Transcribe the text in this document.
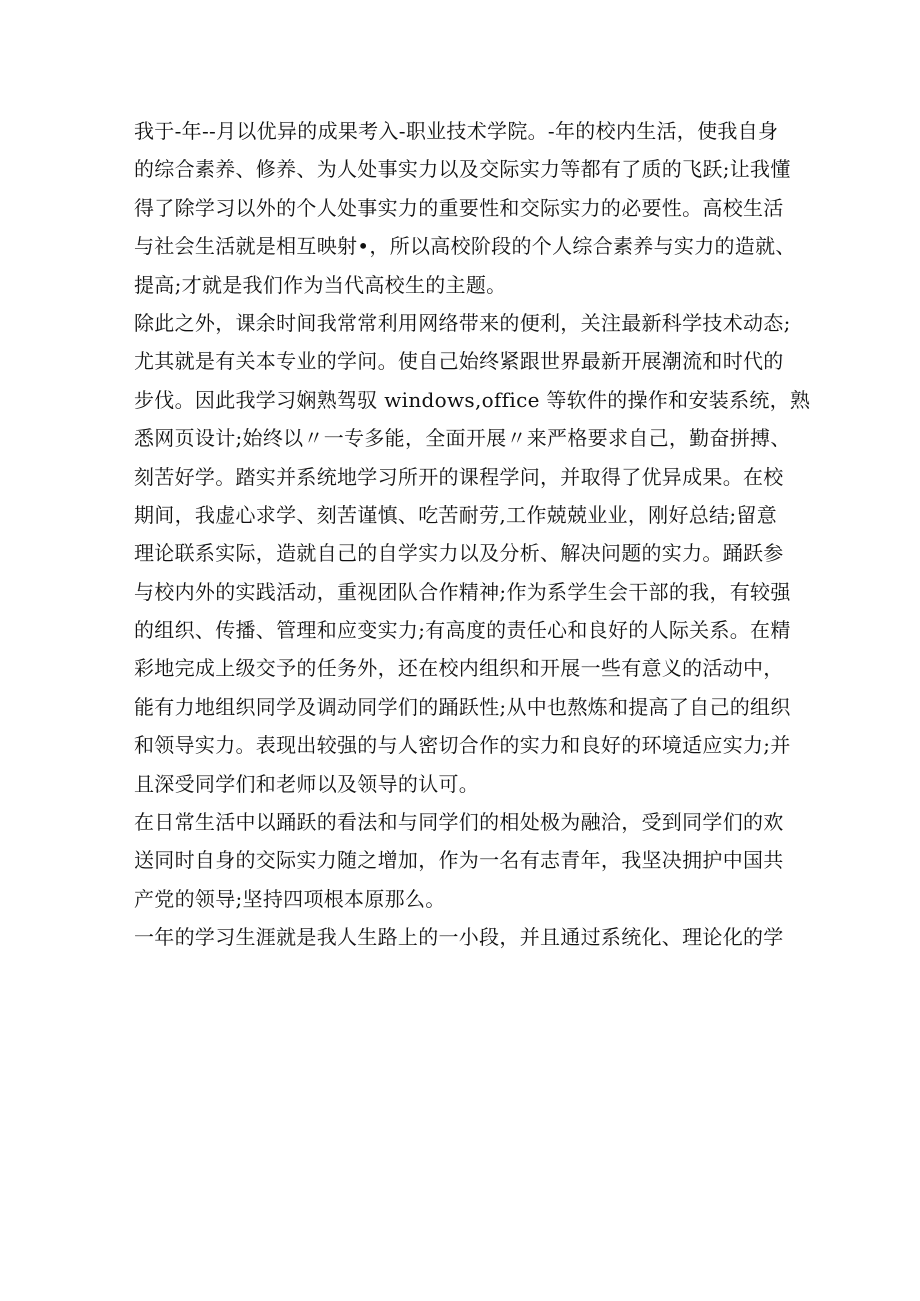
我于-年--月以优异的成果考入-职业技术学院。-年的校内生活，使我自身
的综合素养、修养、为人处事实力以及交际实力等都有了质的飞跃;让我懂
得了除学习以外的个人处事实力的重要性和交际实力的必要性。高校生活
与社会生活就是相互映射•，所以高校阶段的个人综合素养与实力的造就、
提高;才就是我们作为当代高校生的主题。
除此之外，课余时间我常常利用网络带来的便利，关注最新科学技术动态;
尤其就是有关本专业的学问。使自己始终紧跟世界最新开展潮流和时代的
步伐。因此我学习娴熟驾驭 windows,office 等软件的操作和安装系统，熟
悉网页设计;始终以〃一专多能，全面开展〃来严格要求自己，勤奋拼搏、
刻苦好学。踏实并系统地学习所开的课程学问，并取得了优异成果。在校
期间，我虚心求学、刻苦谨慎、吃苦耐劳,工作兢兢业业，刚好总结;留意
理论联系实际，造就自己的自学实力以及分析、解决问题的实力。踊跃参
与校内外的实践活动，重视团队合作精神;作为系学生会干部的我，有较强
的组织、传播、管理和应变实力;有高度的责任心和良好的人际关系。在精
彩地完成上级交予的任务外，还在校内组织和开展一些有意义的活动中，
能有力地组织同学及调动同学们的踊跃性;从中也熬炼和提高了自己的组织
和领导实力。表现出较强的与人密切合作的实力和良好的环境适应实力;并
且深受同学们和老师以及领导的认可。
在日常生活中以踊跃的看法和与同学们的相处极为融洽，受到同学们的欢
送同时自身的交际实力随之增加，作为一名有志青年，我坚决拥护中国共
产党的领导;坚持四项根本原那么。
一年的学习生涯就是我人生路上的一小段，并且通过系统化、理论化的学
